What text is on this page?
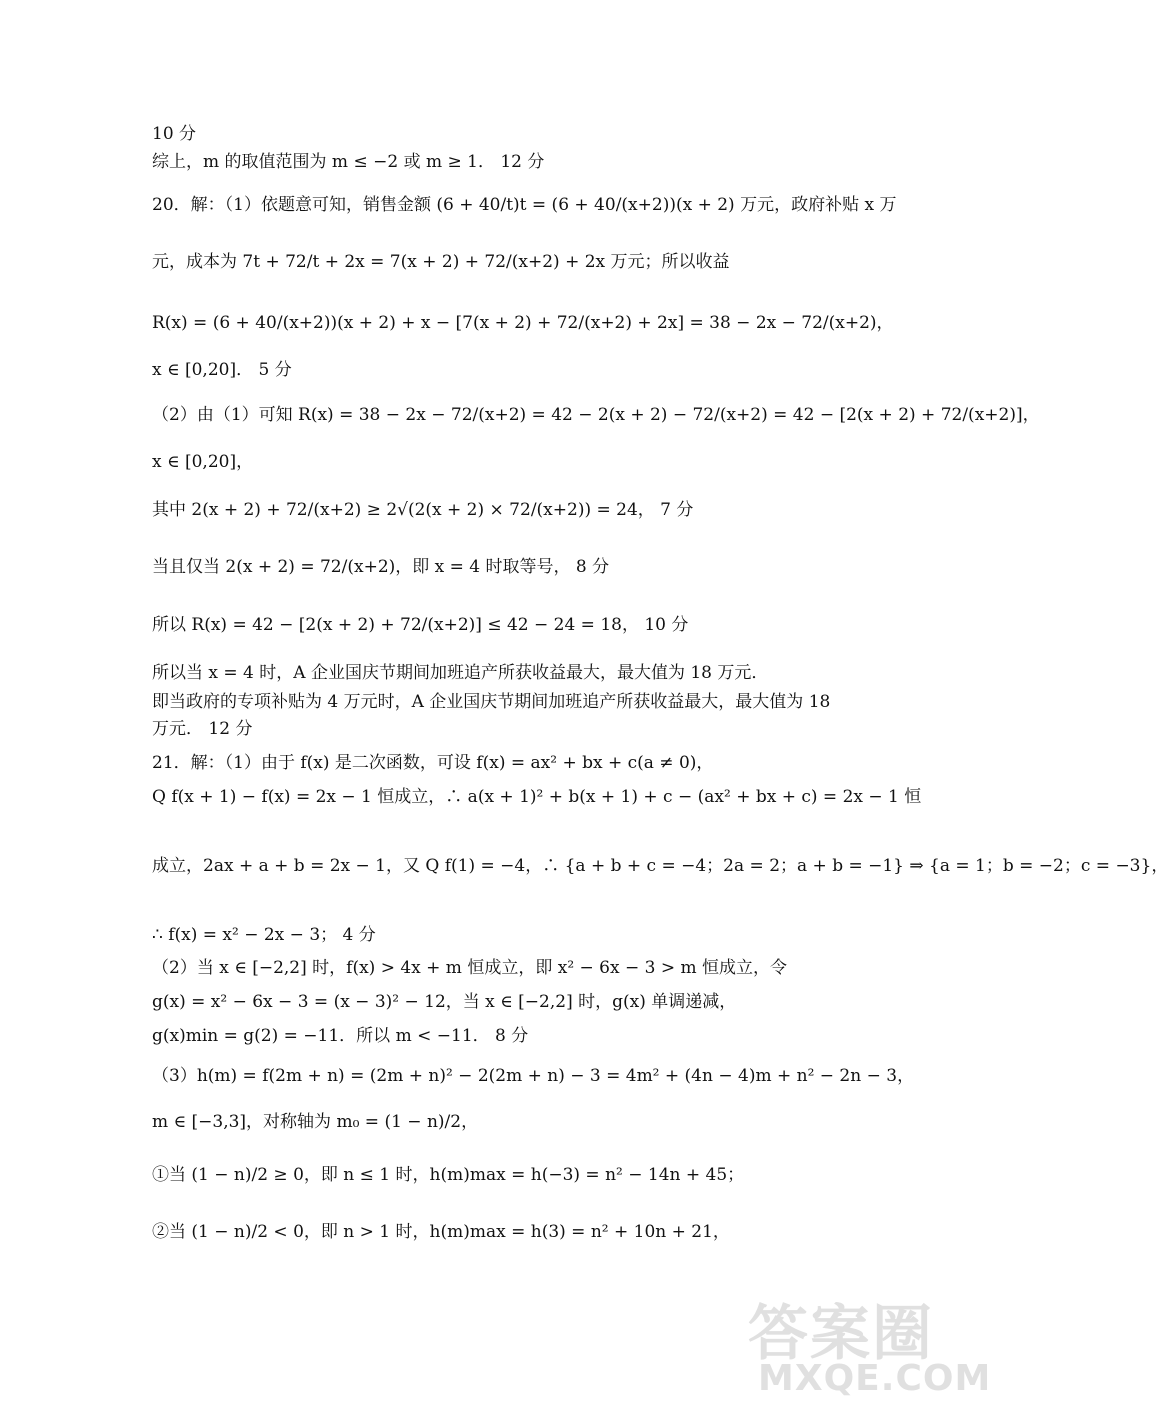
10 分
综上，m 的取值范围为 m ≤ −2 或 m ≥ 1． 12 分
20．解：（1）依题意可知，销售金额 (6 + 40/t)t = (6 + 40/(x+2))(x + 2) 万元，政府补贴 x 万
元，成本为 7t + 72/t + 2x = 7(x + 2) + 72/(x+2) + 2x 万元；所以收益
R(x) = (6 + 40/(x+2))(x + 2) + x − [7(x + 2) + 72/(x+2) + 2x] = 38 − 2x − 72/(x+2)，
x ∈ [0,20]． 5 分
（2）由（1）可知 R(x) = 38 − 2x − 72/(x+2) = 42 − 2(x + 2) − 72/(x+2) = 42 − [2(x + 2) + 72/(x+2)]，
x ∈ [0,20]，
其中 2(x + 2) + 72/(x+2) ≥ 2√(2(x + 2) × 72/(x+2)) = 24， 7 分
当且仅当 2(x + 2) = 72/(x+2)，即 x = 4 时取等号， 8 分
所以 R(x) = 42 − [2(x + 2) + 72/(x+2)] ≤ 42 − 24 = 18， 10 分
所以当 x = 4 时，A 企业国庆节期间加班追产所获收益最大，最大值为 18 万元．
即当政府的专项补贴为 4 万元时，A 企业国庆节期间加班追产所获收益最大，最大值为 18
万元． 12 分
21．解：（1）由于 f(x) 是二次函数，可设 f(x) = ax² + bx + c(a ≠ 0)，
Q f(x + 1) − f(x) = 2x − 1 恒成立，∴ a(x + 1)² + b(x + 1) + c − (ax² + bx + c) = 2x − 1 恒
成立，2ax + a + b = 2x − 1，又 Q f(1) = −4，∴ {a + b + c = −4；2a = 2；a + b = −1} ⇒ {a = 1；b = −2；c = −3}，
∴ f(x) = x² − 2x − 3； 4 分
（2）当 x ∈ [−2,2] 时，f(x) > 4x + m 恒成立，即 x² − 6x − 3 > m 恒成立，令
g(x) = x² − 6x − 3 = (x − 3)² − 12，当 x ∈ [−2,2] 时，g(x) 单调递减，
g(x)min = g(2) = −11．所以 m < −11． 8 分
（3）h(m) = f(2m + n) = (2m + n)² − 2(2m + n) − 3 = 4m² + (4n − 4)m + n² − 2n − 3，
m ∈ [−3,3]，对称轴为 m₀ = (1 − n)/2，
①当 (1 − n)/2 ≥ 0，即 n ≤ 1 时，h(m)max = h(−3) = n² − 14n + 45；
②当 (1 − n)/2 < 0，即 n > 1 时，h(m)max = h(3) = n² + 10n + 21，
答案圈
MXQE.COM
